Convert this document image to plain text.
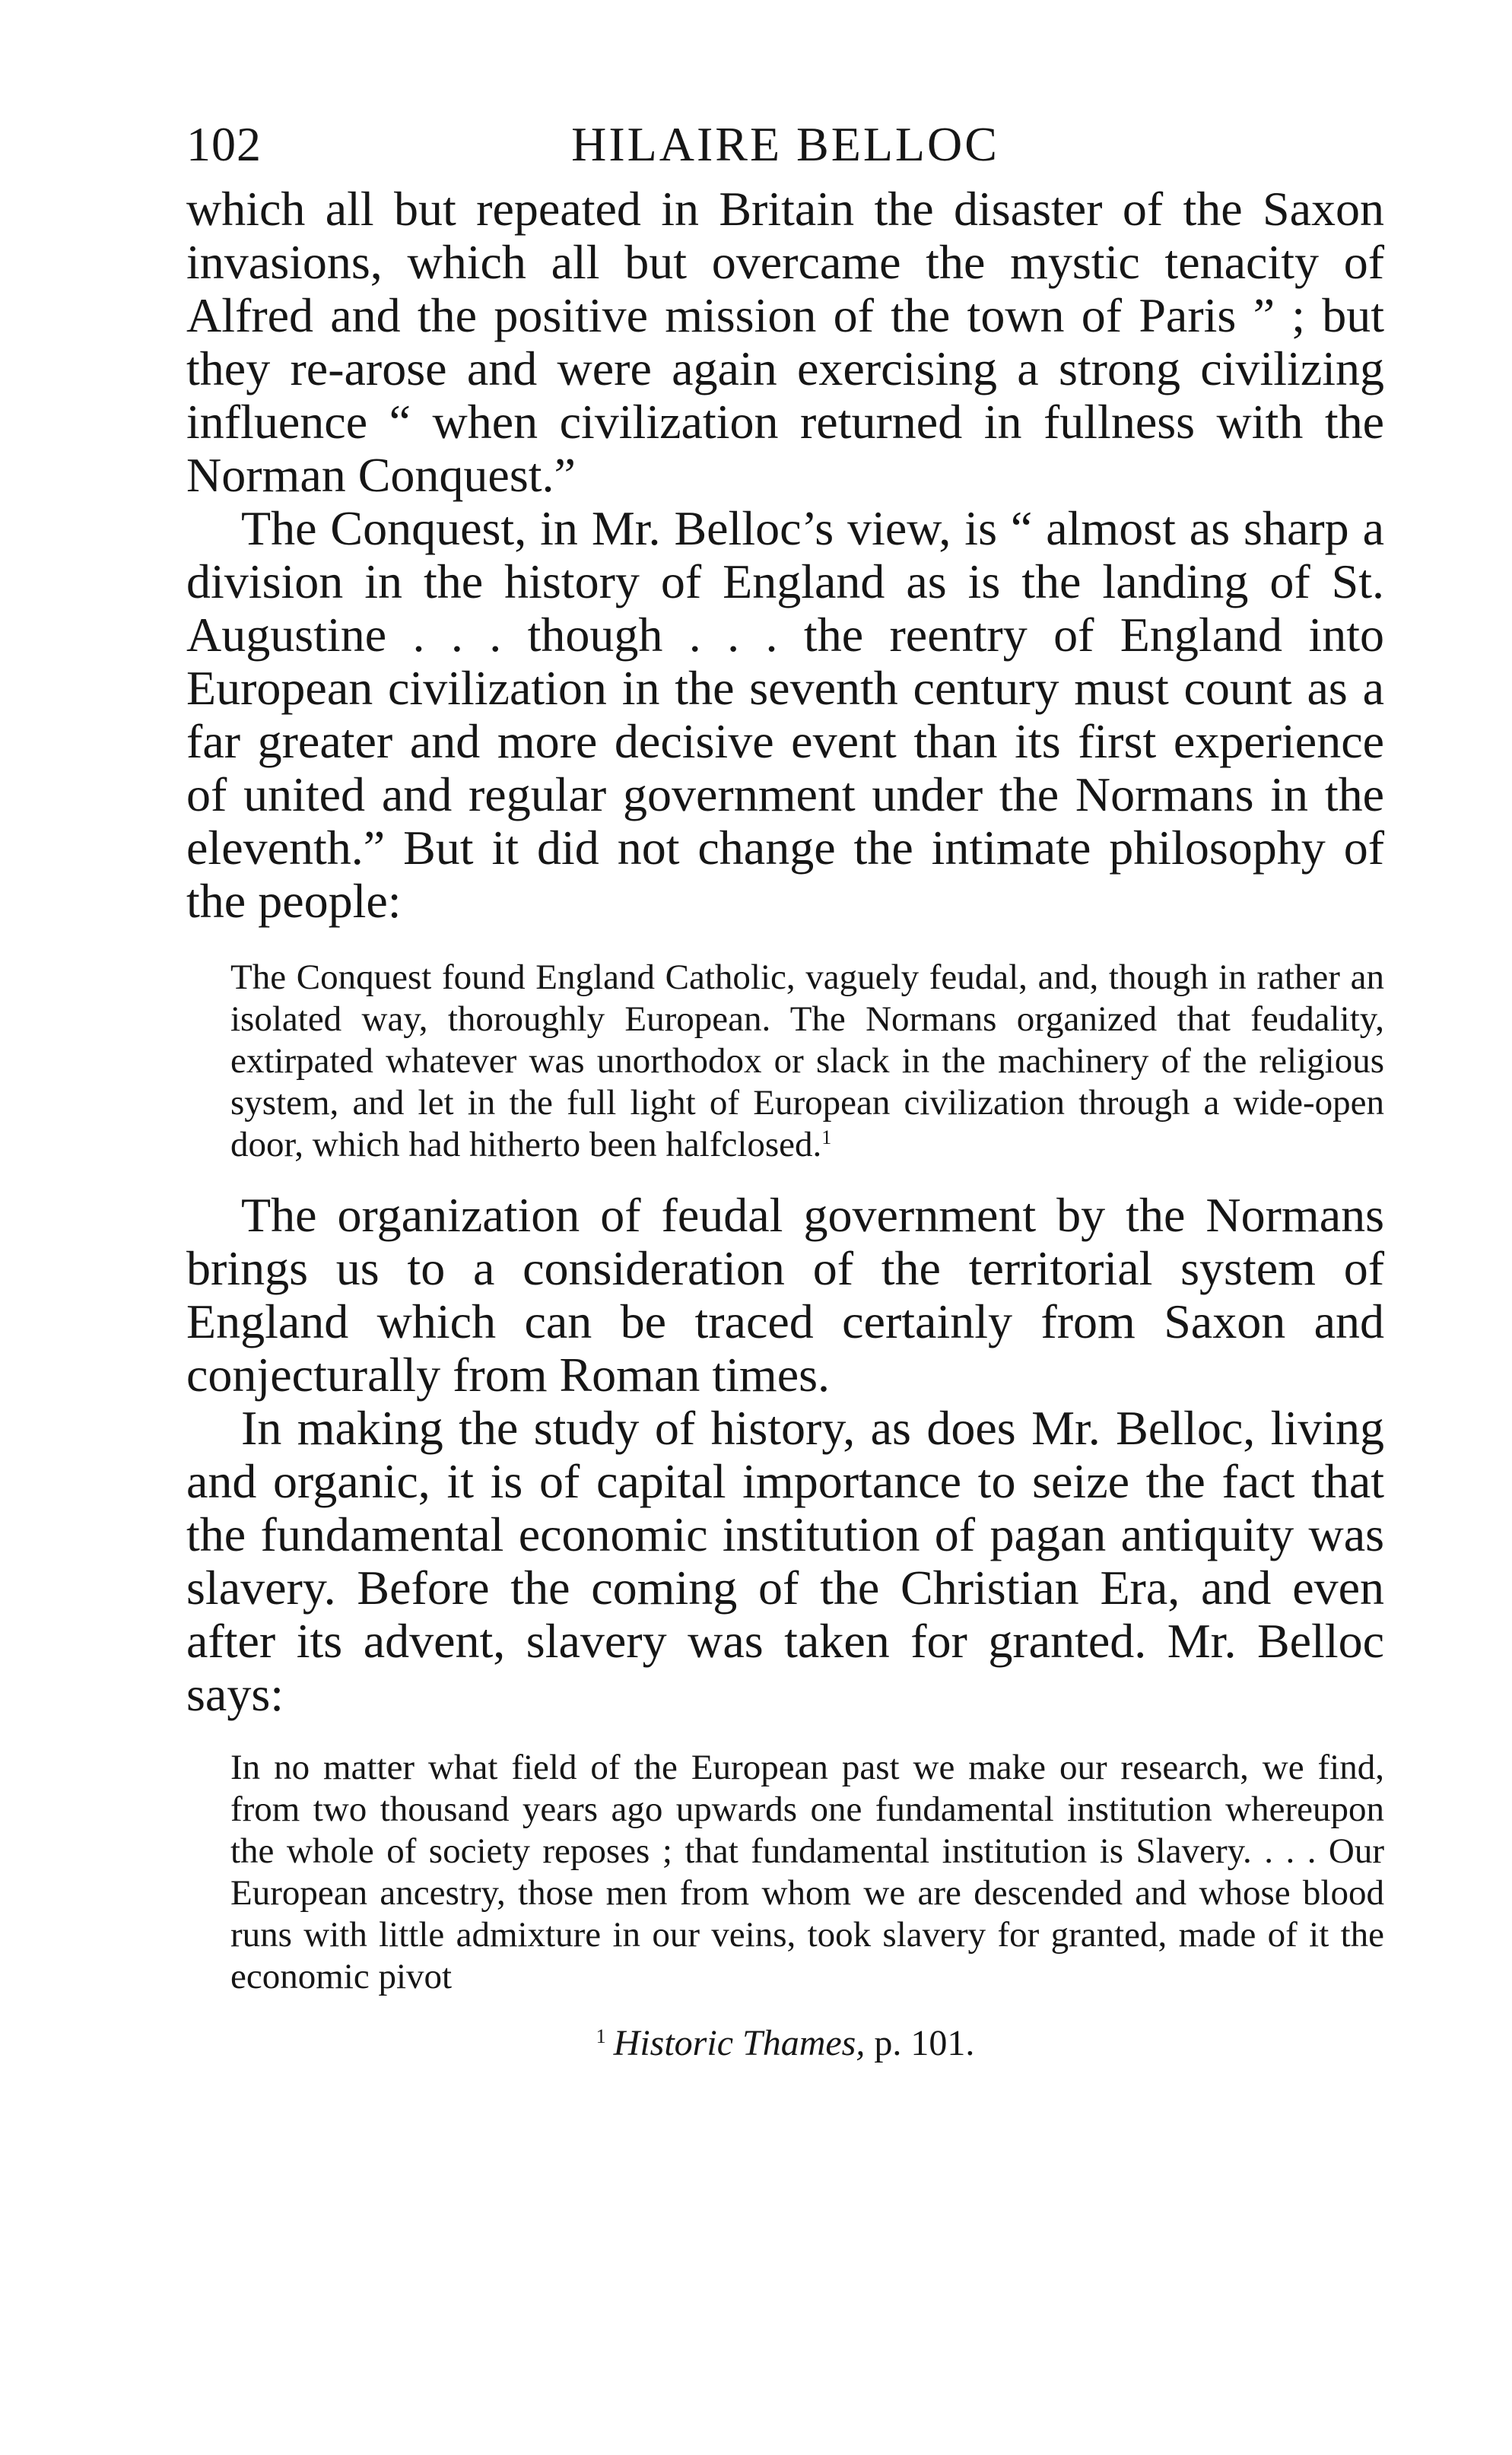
102	HILAIRE BELLOC

which all but repeated in Britain the disaster of the Saxon invasions, which all but overcame the mystic tenacity of Alfred and the positive mission of the town of Paris ” ; but they re-arose and were again exercising a strong civilizing influence “ when civilization returned in fullness with the Norman Conquest.”

The Conquest, in Mr. Belloc’s view, is “ almost as sharp a division in the history of England as is the landing of St. Augustine . . . though . . . the reentry of England into European civilization in the seventh century must count as a far greater and more decisive event than its first experience of united and regular government under the Normans in the eleventh.” But it did not change the intimate philosophy of the people:

The Conquest found England Catholic, vaguely feudal, and, though in rather an isolated way, thoroughly European. The Normans organized that feudality, extirpated whatever was unorthodox or slack in the machinery of the religious system, and let in the full light of European civilization through a wide-open door, which had hitherto been halfclosed.$^1$

The organization of feudal government by the Normans brings us to a consideration of the territorial system of England which can be traced certainly from Saxon and conjecturally from Roman times.

In making the study of history, as does Mr. Belloc, living and organic, it is of capital importance to seize the fact that the fundamental economic institution of pagan antiquity was slavery. Before the coming of the Christian Era, and even after its advent, slavery was taken for granted. Mr. Belloc says:

In no matter what field of the European past we make our research, we find, from two thousand years ago upwards one fundamental institution whereupon the whole of society reposes ; that fundamental institution is Slavery. . . . Our European ancestry, those men from whom we are descended and whose blood runs with little admixture in our veins, took slavery for granted, made of it the economic pivot

$^1$ Historic Thames, p. 101.
